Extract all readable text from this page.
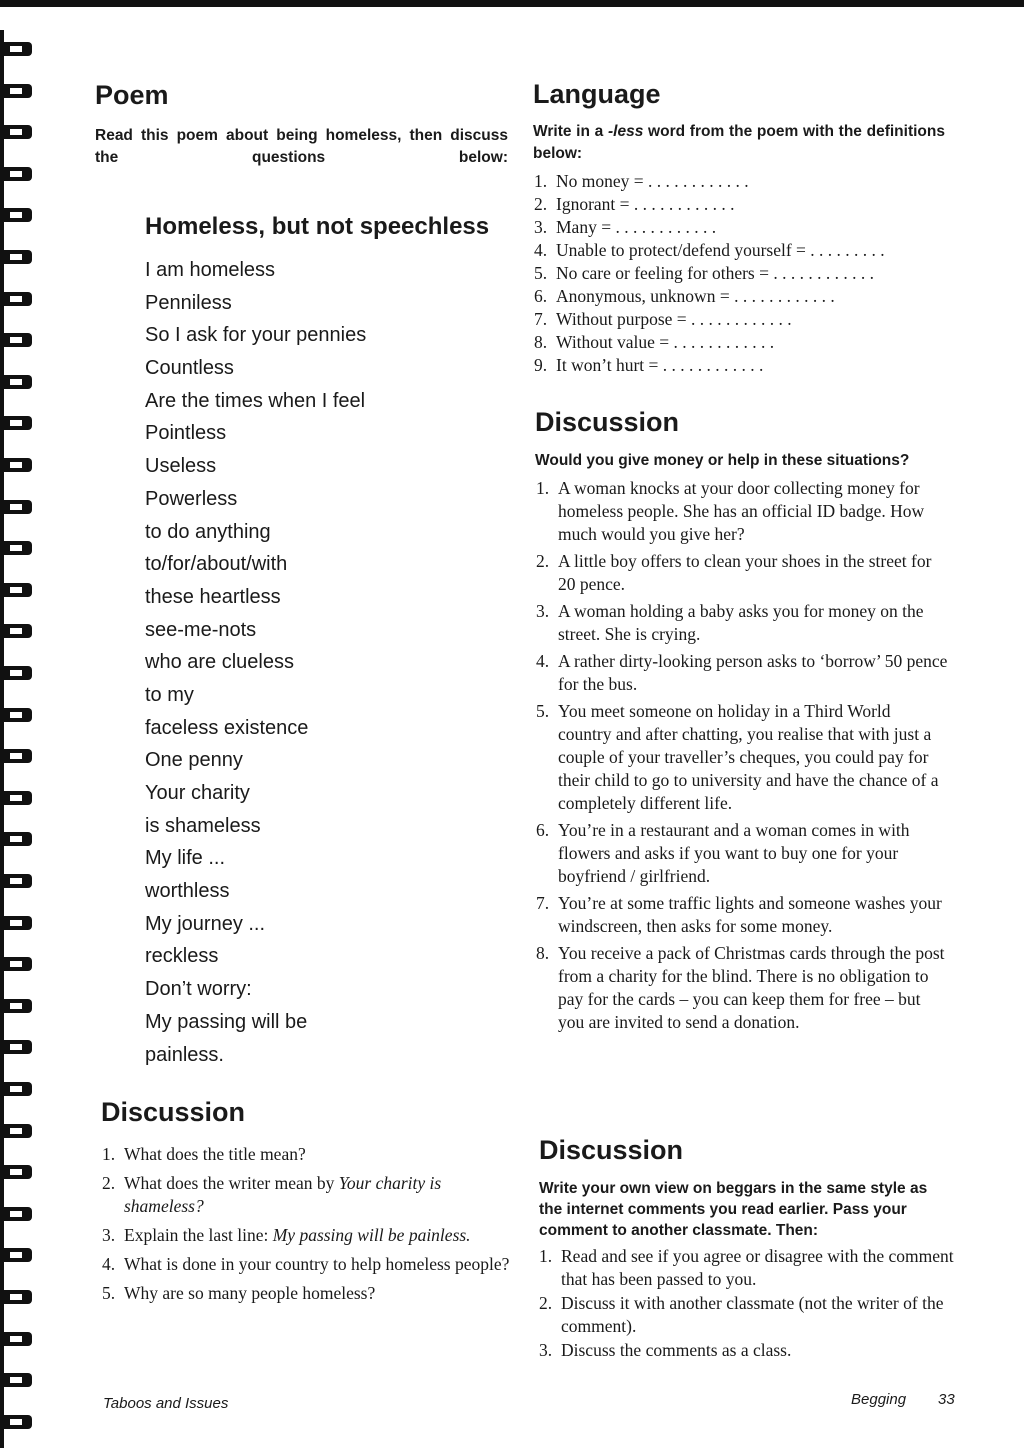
Poem

Read this poem about being homeless, then discuss the questions below:

Homeless, but not speechless
I am homeless
Penniless
So I ask for your pennies
Countless
Are the times when I feel
Pointless
Useless
Powerless
to do anything
to/for/about/with
these heartless
see-me-nots
who are clueless
to my
faceless existence
One penny
Your charity
is shameless
My life ...
worthless
My journey ...
reckless
Don’t worry:
My passing will be
painless.
Discussion
1. What does the title mean?
2. What does the writer mean by Your charity is shameless?
3. Explain the last line: My passing will be painless.
4. What is done in your country to help homeless people?
5. Why are so many people homeless?
Language

Write in a -less word from the poem with the definitions below:

1. No money = . . . . . . . . . . . .
2. Ignorant = . . . . . . . . . . . .
3. Many = . . . . . . . . . . . .
4. Unable to protect/defend yourself = . . . . . . . . .
5. No care or feeling for others = . . . . . . . . . . . .
6. Anonymous, unknown = . . . . . . . . . . . .
7. Without purpose = . . . . . . . . . . . .
8. Without value = . . . . . . . . . . . .
9. It won’t hurt = . . . . . . . . . . . .
Discussion

Would you give money or help in these situations?

1. A woman knocks at your door collecting money for homeless people. She has an official ID badge. How much would you give her?
2. A little boy offers to clean your shoes in the street for 20 pence.
3. A woman holding a baby asks you for money on the street. She is crying.
4. A rather dirty-looking person asks to ‘borrow’ 50 pence for the bus.
5. You meet someone on holiday in a Third World country and after chatting, you realise that with just a couple of your traveller’s cheques, you could pay for their child to go to university and have the chance of a completely different life.
6. You’re in a restaurant and a woman comes in with flowers and asks if you want to buy one for your boyfriend / girlfriend.
7. You’re at some traffic lights and someone washes your windscreen, then asks for some money.
8. You receive a pack of Christmas cards through the post from a charity for the blind. There is no obligation to pay for the cards – you can keep them for free – but you are invited to send a donation.
Discussion

Write your own view on beggars in the same style as the internet comments you read earlier. Pass your comment to another classmate. Then:

1. Read and see if you agree or disagree with the comment that has been passed to you.
2. Discuss it with another classmate (not the writer of the comment).
3. Discuss the comments as a class.
Taboos and Issues	Begging 33
